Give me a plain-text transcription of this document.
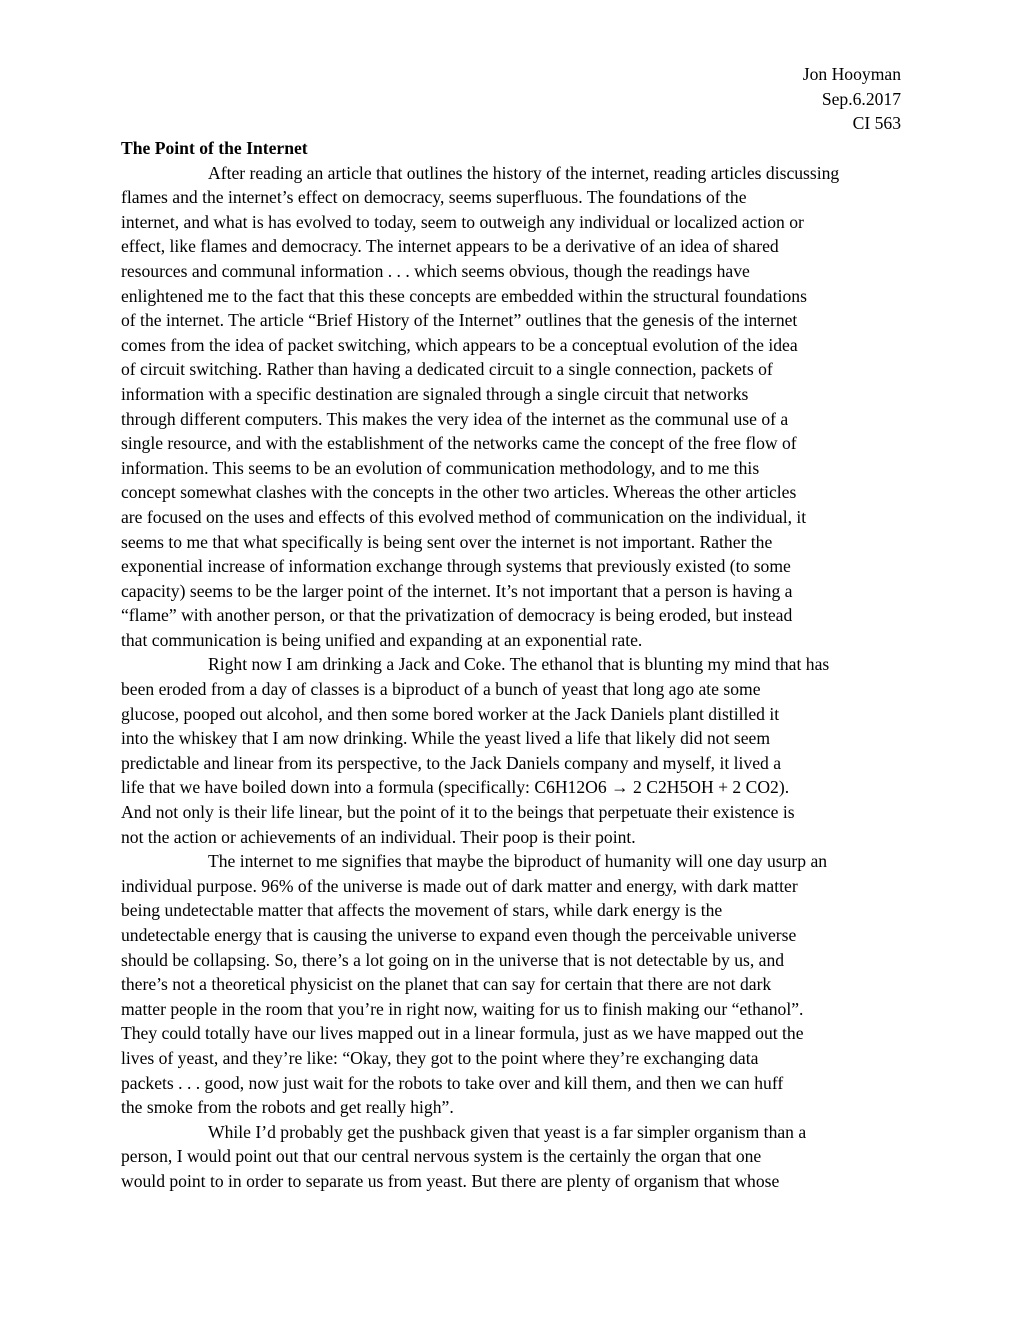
Jon Hooyman
Sep.6.2017
CI 563

The Point of the Internet

After reading an article that outlines the history of the internet, reading articles discussing
flames and the internet’s effect on democracy, seems superfluous. The foundations of the
internet, and what is has evolved to today, seem to outweigh any individual or localized action or
effect, like flames and democracy. The internet appears to be a derivative of an idea of shared
resources and communal information . . . which seems obvious, though the readings have
enlightened me to the fact that this these concepts are embedded within the structural foundations
of the internet. The article “Brief History of the Internet” outlines that the genesis of the internet
comes from the idea of packet switching, which appears to be a conceptual evolution of the idea
of circuit switching. Rather than having a dedicated circuit to a single connection, packets of
information with a specific destination are signaled through a single circuit that networks
through different computers. This makes the very idea of the internet as the communal use of a
single resource, and with the establishment of the networks came the concept of the free flow of
information. This seems to be an evolution of communication methodology, and to me this
concept somewhat clashes with the concepts in the other two articles. Whereas the other articles
are focused on the uses and effects of this evolved method of communication on the individual, it
seems to me that what specifically is being sent over the internet is not important. Rather the
exponential increase of information exchange through systems that previously existed (to some
capacity) seems to be the larger point of the internet. It’s not important that a person is having a
“flame” with another person, or that the privatization of democracy is being eroded, but instead
that communication is being unified and expanding at an exponential rate.

Right now I am drinking a Jack and Coke. The ethanol that is blunting my mind that has
been eroded from a day of classes is a biproduct of a bunch of yeast that long ago ate some
glucose, pooped out alcohol, and then some bored worker at the Jack Daniels plant distilled it
into the whiskey that I am now drinking. While the yeast lived a life that likely did not seem
predictable and linear from its perspective, to the Jack Daniels company and myself, it lived a
life that we have boiled down into a formula (specifically: C6H12O6 → 2 C2H5OH + 2 CO2).
And not only is their life linear, but the point of it to the beings that perpetuate their existence is
not the action or achievements of an individual. Their poop is their point.

The internet to me signifies that maybe the biproduct of humanity will one day usurp an
individual purpose. 96% of the universe is made out of dark matter and energy, with dark matter
being undetectable matter that affects the movement of stars, while dark energy is the
undetectable energy that is causing the universe to expand even though the perceivable universe
should be collapsing. So, there’s a lot going on in the universe that is not detectable by us, and
there’s not a theoretical physicist on the planet that can say for certain that there are not dark
matter people in the room that you’re in right now, waiting for us to finish making our “ethanol”.
They could totally have our lives mapped out in a linear formula, just as we have mapped out the
lives of yeast, and they’re like: “Okay, they got to the point where they’re exchanging data
packets . . . good, now just wait for the robots to take over and kill them, and then we can huff
the smoke from the robots and get really high”.

While I’d probably get the pushback given that yeast is a far simpler organism than a
person, I would point out that our central nervous system is the certainly the organ that one
would point to in order to separate us from yeast. But there are plenty of organism that whose
